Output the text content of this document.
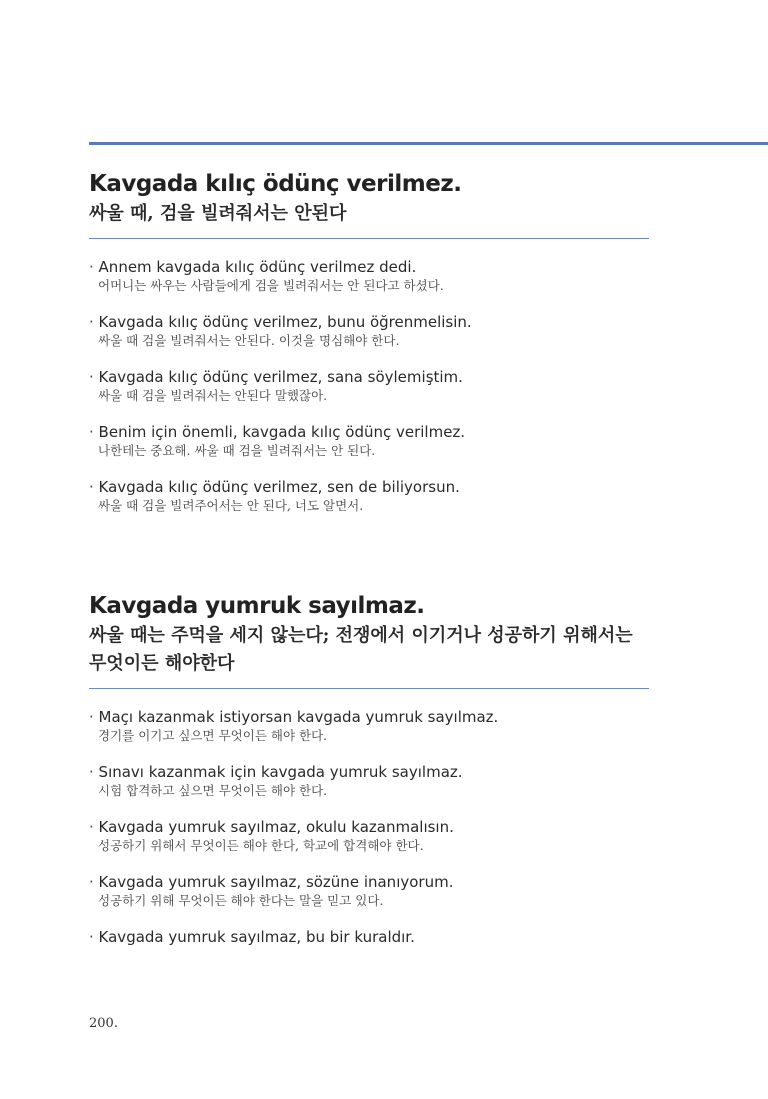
Kavgada kılıç ödünç verilmez.
싸울 때, 검을 빌려줘서는 안된다
· Annem kavgada kılıç ödünç verilmez dedi.
어머니는 싸우는 사람들에게 검을 빌려줘서는 안 된다고 하셨다.
· Kavgada kılıç ödünç verilmez, bunu öğrenmelisin.
싸울 때 검을 빌려줘서는 안된다. 이것을 명심해야 한다.
· Kavgada kılıç ödünç verilmez, sana söylemiştim.
싸울 때 검을 빌려줘서는 안된다 말했잖아.
· Benim için önemli, kavgada kılıç ödünç verilmez.
나한테는 중요해. 싸울 때 검을 빌려줘서는 안 된다.
· Kavgada kılıç ödünç verilmez, sen de biliyorsun.
싸울 때 검을 빌려주어서는 안 된다, 너도 알면서.
Kavgada yumruk sayılmaz.
싸울 때는 주먹을 세지 않는다; 전쟁에서 이기거나 성공하기 위해서는 무엇이든 해야한다
· Maçı kazanmak istiyorsan kavgada yumruk sayılmaz.
경기를 이기고 싶으면 무엇이든 해야 한다.
· Sınavı kazanmak için kavgada yumruk sayılmaz.
시험 합격하고 싶으면 무엇이든 해야 한다.
· Kavgada yumruk sayılmaz, okulu kazanmalısın.
성공하기 위해서 무엇이든 해야 한다, 학교에 합격해야 한다.
· Kavgada yumruk sayılmaz, sözüne inanıyorum.
성공하기 위해 무엇이든 해야 한다는 말을 믿고 있다.
· Kavgada yumruk sayılmaz, bu bir kuraldır.
200.
